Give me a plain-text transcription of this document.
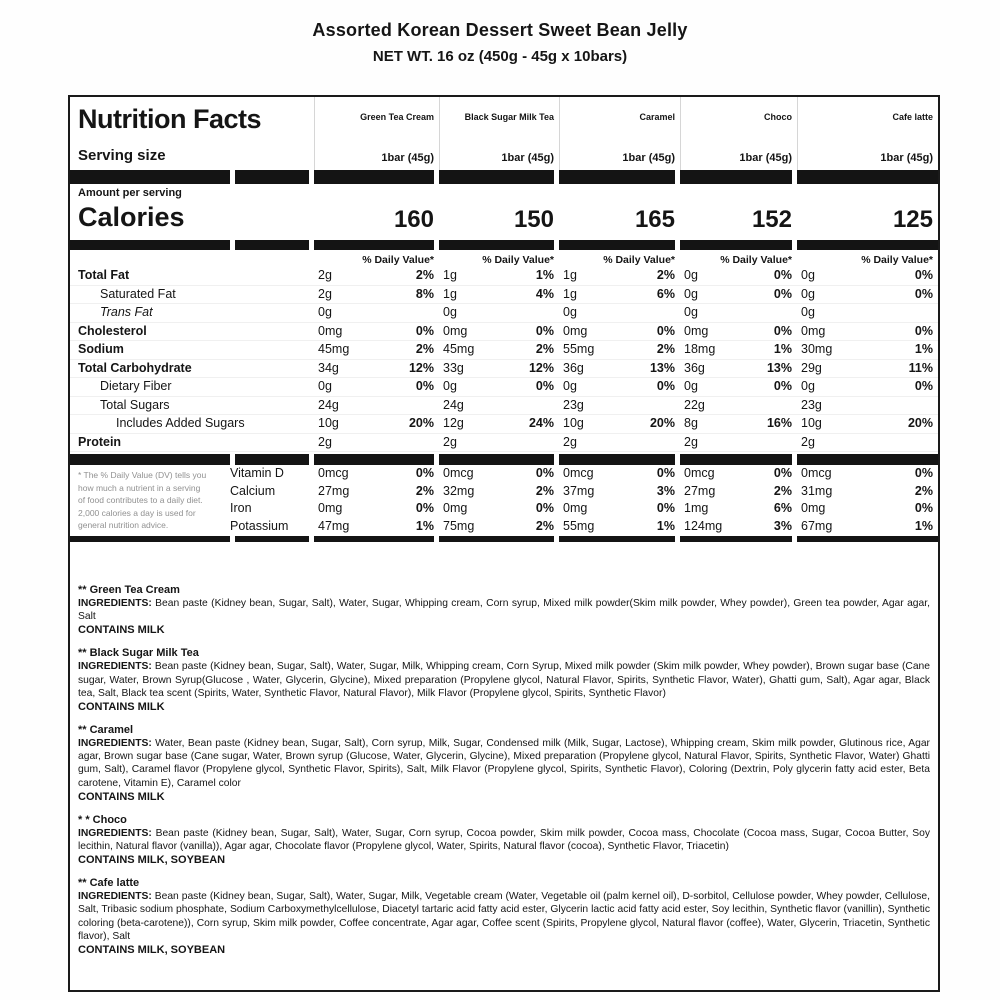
Assorted Korean Dessert Sweet Bean Jelly
NET WT. 16 oz (450g - 45g x 10bars)
Nutrition Facts	Green Tea Cream	Black Sugar Milk Tea	Caramel	Choco	Cafe latte
Serving size	1bar (45g)	1bar (45g)	1bar (45g)	1bar (45g)	1bar (45g)
Amount per serving
Calories	160	150	165	152	125
% Daily Value*	% Daily Value*	% Daily Value*	% Daily Value*	% Daily Value*
Total Fat	2g	2% 1g	1% 1g	2% 0g	0% 0g	0%
Saturated Fat	2g	8% 1g	4% 1g	6% 0g	0% 0g	0%
Trans Fat	0g	0g	0g	0g	0g
Cholesterol	0mg	0% 0mg	0% 0mg	0% 0mg	0% 0mg	0%
Sodium	45mg	2% 45mg	2% 55mg	2% 18mg	1% 30mg	1%
Total Carbohydrate	34g	12% 33g	12% 36g	13% 36g	13% 29g	11%
Dietary Fiber	0g	0% 0g	0% 0g	0% 0g	0% 0g	0%
Total Sugars	24g	24g	23g	22g	23g
Includes Added Sugars	10g	20% 12g	24% 10g	20% 8g	16% 10g	20%
Protein	2g	2g	2g	2g	2g
* The % Daily Value (DV) tells you
how much a nutrient in a serving
of food contributes to a daily diet.
2,000 calories a day is used for
general nutrition advice.
Vitamin D	0mcg	0% 0mcg	0% 0mcg	0% 0mcg	0% 0mcg	0%
Calcium	27mg	2% 32mg	2% 37mg	3% 27mg	2% 31mg	2%
Iron	0mg	0% 0mg	0% 0mg	0% 1mg	6% 0mg	0%
Potassium	47mg	1% 75mg	2% 55mg	1% 124mg	3% 67mg	1%
** Green Tea Cream
INGREDIENTS: Bean paste (Kidney bean, Sugar, Salt), Water, Sugar, Whipping cream, Corn syrup, Mixed milk powder(Skim milk powder, Whey powder), Green tea powder, Agar agar, Salt
CONTAINS MILK
** Black Sugar Milk Tea
INGREDIENTS: Bean paste (Kidney bean, Sugar, Salt), Water, Sugar, Milk, Whipping cream, Corn Syrup, Mixed milk powder (Skim milk powder, Whey powder), Brown sugar base (Cane sugar, Water, Brown Syrup(Glucose , Water, Glycerin, Glycine), Mixed preparation (Propylene glycol, Natural Flavor, Spirits, Synthetic Flavor, Water), Ghatti gum, Salt), Agar agar, Black tea, Salt, Black tea scent (Spirits, Water, Synthetic Flavor, Natural Flavor), Milk Flavor (Propylene glycol, Spirits, Synthetic Flavor)
CONTAINS MILK
** Caramel
INGREDIENTS: Water, Bean paste (Kidney bean, Sugar, Salt), Corn syrup, Milk, Sugar, Condensed milk (Milk, Sugar, Lactose), Whipping cream, Skim milk powder, Glutinous rice, Agar agar, Brown sugar base (Cane sugar, Water, Brown syrup (Glucose, Water, Glycerin, Glycine), Mixed preparation (Propylene glycol, Natural Flavor, Spirits, Synthetic Flavor, Water) Ghatti gum, Salt), Caramel flavor (Propylene glycol, Synthetic Flavor, Spirits), Salt, Milk Flavor (Propylene glycol, Spirits, Synthetic Flavor), Coloring (Dextrin, Poly glycerin fatty acid ester, Beta carotene, Vitamin E), Caramel color
CONTAINS MILK
* * Choco
INGREDIENTS: Bean paste (Kidney bean, Sugar, Salt), Water, Sugar, Corn syrup, Cocoa powder, Skim milk powder, Cocoa mass, Chocolate (Cocoa mass, Sugar, Cocoa Butter, Soy lecithin, Natural flavor (vanilla)), Agar agar, Chocolate flavor (Propylene glycol, Water, Spirits, Natural flavor (cocoa), Synthetic Flavor, Triacetin)
CONTAINS MILK, SOYBEAN
** Cafe latte
INGREDIENTS: Bean paste (Kidney bean, Sugar, Salt), Water, Sugar, Milk, Vegetable cream (Water, Vegetable oil (palm kernel oil), D-sorbitol, Cellulose powder, Whey powder, Cellulose, Salt, Tribasic sodium phosphate, Sodium Carboxymethylcellulose, Diacetyl tartaric acid fatty acid ester, Glycerin lactic acid fatty acid ester, Soy lecithin, Synthetic flavor (vanillin), Synthetic coloring (beta-carotene)), Corn syrup, Skim milk powder, Coffee concentrate, Agar agar, Coffee scent (Spirits, Propylene glycol, Natural flavor (coffee), Water, Glycerin, Triacetin, Synthetic flavor), Salt
CONTAINS MILK, SOYBEAN
